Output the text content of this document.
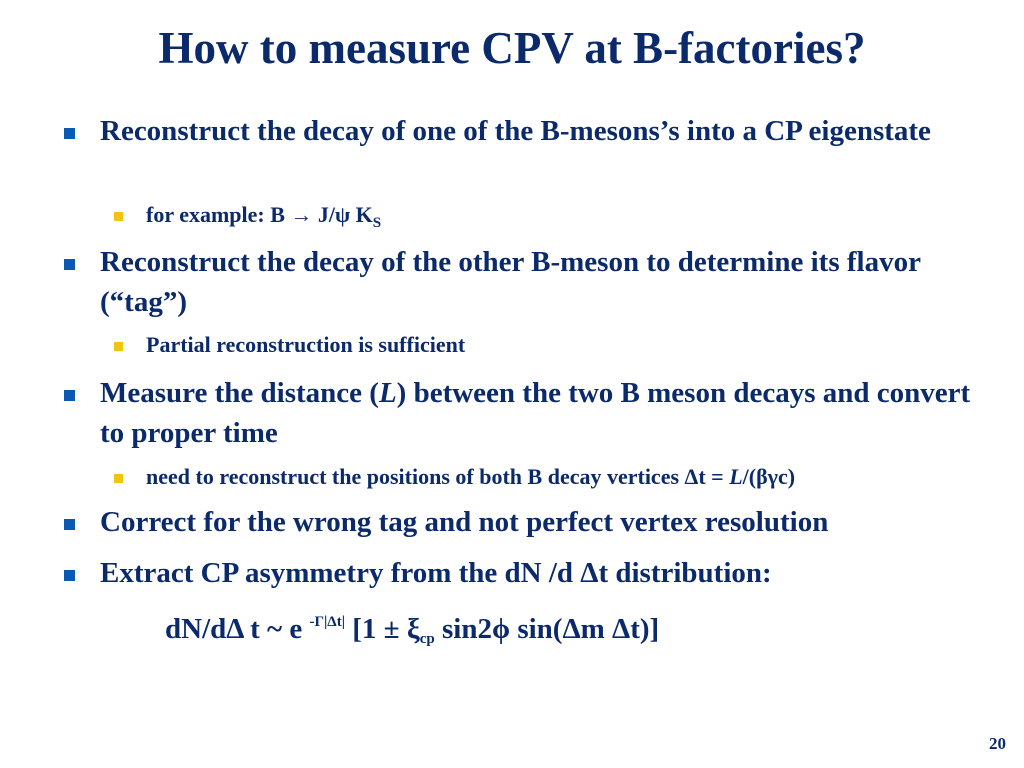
How to measure CPV at B-factories?
Reconstruct the decay of one of the B-mesons’s into a CP eigenstate
for example: B → J/ψ $K_S$
Reconstruct the decay of the other B-meson to determine its flavor (“tag”)
Partial reconstruction is sufficient
Measure the distance (L) between the two B meson decays and convert to proper time
need to reconstruct the positions of both B decay vertices Δt = L/(βγc)
Correct for the wrong tag and not perfect vertex resolution
Extract CP asymmetry from the dN /d Δt distribution:
dN/dΔ t ~ e $^{-\Gamma|\Delta t|}$ [$1 \pm \xi_{cp}$ sin2ϕ sin(Δm Δt)]
20
